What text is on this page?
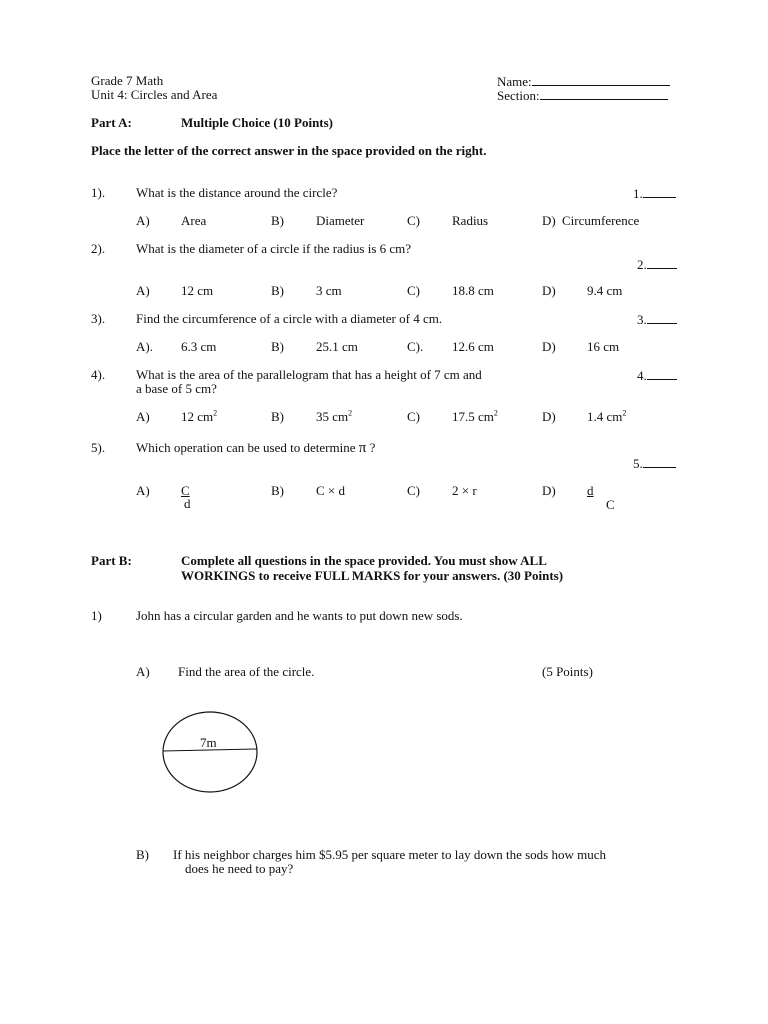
Grade 7 Math
Unit 4: Circles and Area
Name:
Section:
Part A:	Multiple Choice (10 Points)
Place the letter of the correct answer in the space provided on the right.
1). What is the distance around the circle?	1.
A) Area	B) Diameter	C) Radius	D) Circumference
2). What is the diameter of a circle if the radius is 6 cm?
2.
A) 12 cm	B) 3 cm	C) 18.8 cm	D) 9.4 cm
3). Find the circumference of a circle with a diameter of 4 cm.	3.
A). 6.3 cm	B) 25.1 cm	C). 12.6 cm	D) 16 cm
4). What is the area of the parallelogram that has a height of 7 cm and
a base of 5 cm?
4.
A) 12 $cm^2$	B) 35 $cm^2$	C) 17.5 $cm^2$	D) 1.4 $cm^2$
5). Which operation can be used to determine π ?
5.
A) C
d
B) C × d	C) 2 × r	D) d
C
Part B:	Complete all questions in the space provided. You must show ALL
WORKINGS to receive FULL MARKS for your answers. (30 Points)
1)	John has a circular garden and he wants to put down new sods.
A) Find the area of the circle.	(5 Points)
7m
B) If his neighbor charges him $5.95 per square meter to lay down the sods how much
does he need to pay?
